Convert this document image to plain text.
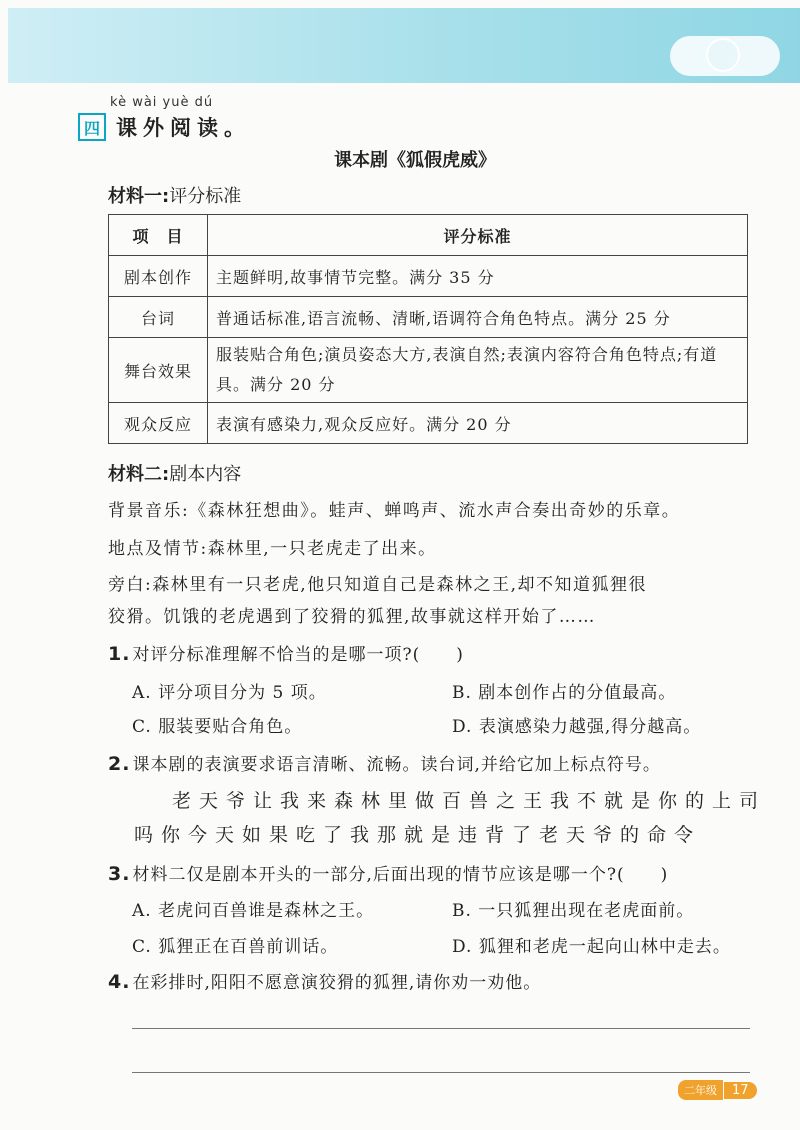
kè wài yuè dú
四 课外阅读。
课本剧《狐假虎威》
材料一:评分标准
项　目	评分标准
剧本创作	主题鲜明,故事情节完整。满分 35 分
台词	普通话标准,语言流畅、清晰,语调符合角色特点。满分 25 分
舞台效果	服装贴合角色;演员姿态大方,表演自然;表演内容符合角色特点;有道具。满分 20 分
观众反应	表演有感染力,观众反应好。满分 20 分
材料二:剧本内容
背景音乐:《森林狂想曲》。蛙声、蝉鸣声、流水声合奏出奇妙的乐章。
地点及情节:森林里,一只老虎走了出来。
旁白:森林里有一只老虎,他只知道自己是森林之王,却不知道狐狸很
狡猾。饥饿的老虎遇到了狡猾的狐狸,故事就这样开始了……
1. 对评分标准理解不恰当的是哪一项?(　　)
A. 评分项目分为 5 项。	B. 剧本创作占的分值最高。
C. 服装要贴合角色。	D. 表演感染力越强,得分越高。
2. 课本剧的表演要求语言清晰、流畅。读台词,并给它加上标点符号。
老天爷让我来森林里做百兽之王我不就是你的上司
吗你今天如果吃了我那就是违背了老天爷的命令
3. 材料二仅是剧本开头的一部分,后面出现的情节应该是哪一个?(　　)
A. 老虎问百兽谁是森林之王。	B. 一只狐狸出现在老虎面前。
C. 狐狸正在百兽前训话。	D. 狐狸和老虎一起向山林中走去。
4. 在彩排时,阳阳不愿意演狡猾的狐狸,请你劝一劝他。
二年级	17
